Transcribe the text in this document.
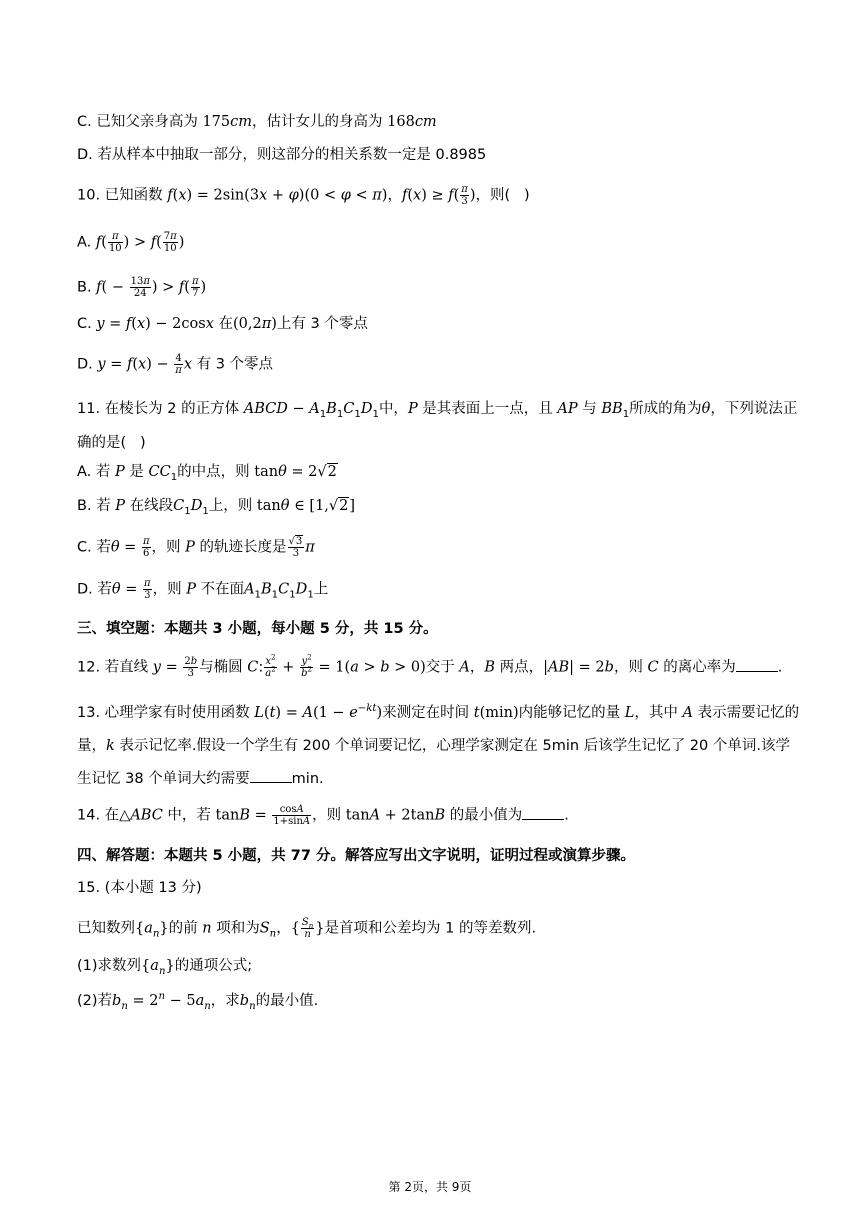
C. 已知父亲身高为 175cm，估计女儿的身高为 168cm
D. 若从样本中抽取一部分，则这部分的相关系数一定是 0.8985
10. 已知函数 f(x) = 2sin(3x + φ)(0 < φ < π)，$f(x) \ge f( \frac{\pi}{3}$ )，则(   )
A. $f( \frac{\pi}{10}$ ) > $f( \frac{7\pi}{10}$ )
B. $f( - \frac{13\pi}{24}$ ) > $f( \frac{\pi}{7}$ )
C. y = f(x) − 2cosx 在(0,2π)上有 3 个零点
D. $y = f(x) - \frac{4}{\pi}$ x 有 3 个零点
11. 在棱长为 2 的正方体 ABCD − $A_1B_1C_1D_1$中，P 是其表面上一点，且 AP 与 $BB_1$所成的角为θ，下列说法正确的是(   )
A. 若 P 是 $CC_1$的中点，则 tanθ = 2√2
B. 若 P 在线段$C_1D_1$上，则 tanθ ∈ [1,√2]
C. 若$\theta = \frac{\pi}{6}$ ，则 P 的轨迹长度是 $\frac{√3}{3}$ π
D. 若$\theta = \frac{\pi}{3}$ ，则 P 不在面$A_1B_1C_1D_1$上
三、填空题：本题共 3 小题，每小题 5 分，共 15 分。
12. 若直线 $y = \frac{2b}{3}$ 与椭圆 C: $\frac{x^2}{a^2} + \frac{y^2}{b^2} = 1(a > b > 0)$交于 A，B 两点，|AB| = 2b，则 C 的离心率为	.
13. 心理学家有时使用函数 $L(t) = A(1 - e^{-kt})$来测定在时间 t(min)内能够记忆的量 L，其中 A 表示需要记忆的量，k 表示记忆率.假设一个学生有 200 个单词要记忆，心理学家测定在 5min 后该学生记忆了 20 个单词.该学生记忆 38 个单词大约需要	min.
14. 在△ABC 中，若 $\tan B = \frac{\cos A}{1+\sin A}$ ，则 tanA + 2tanB 的最小值为	.
四、解答题：本题共 5 小题，共 77 分。解答应写出文字说明，证明过程或演算步骤。
15. (本小题 13 分)
已知数列$\{a_n\}$的前 n 项和为$S_n$，{ $\frac{S_n}{n}$ }是首项和公差均为 1 的等差数列.
(1)求数列$\{a_n\}$的通项公式;
(2)若$b_n = 2^n - 5a_n$，求$b_n$的最小值.
第 2页，共 9页
